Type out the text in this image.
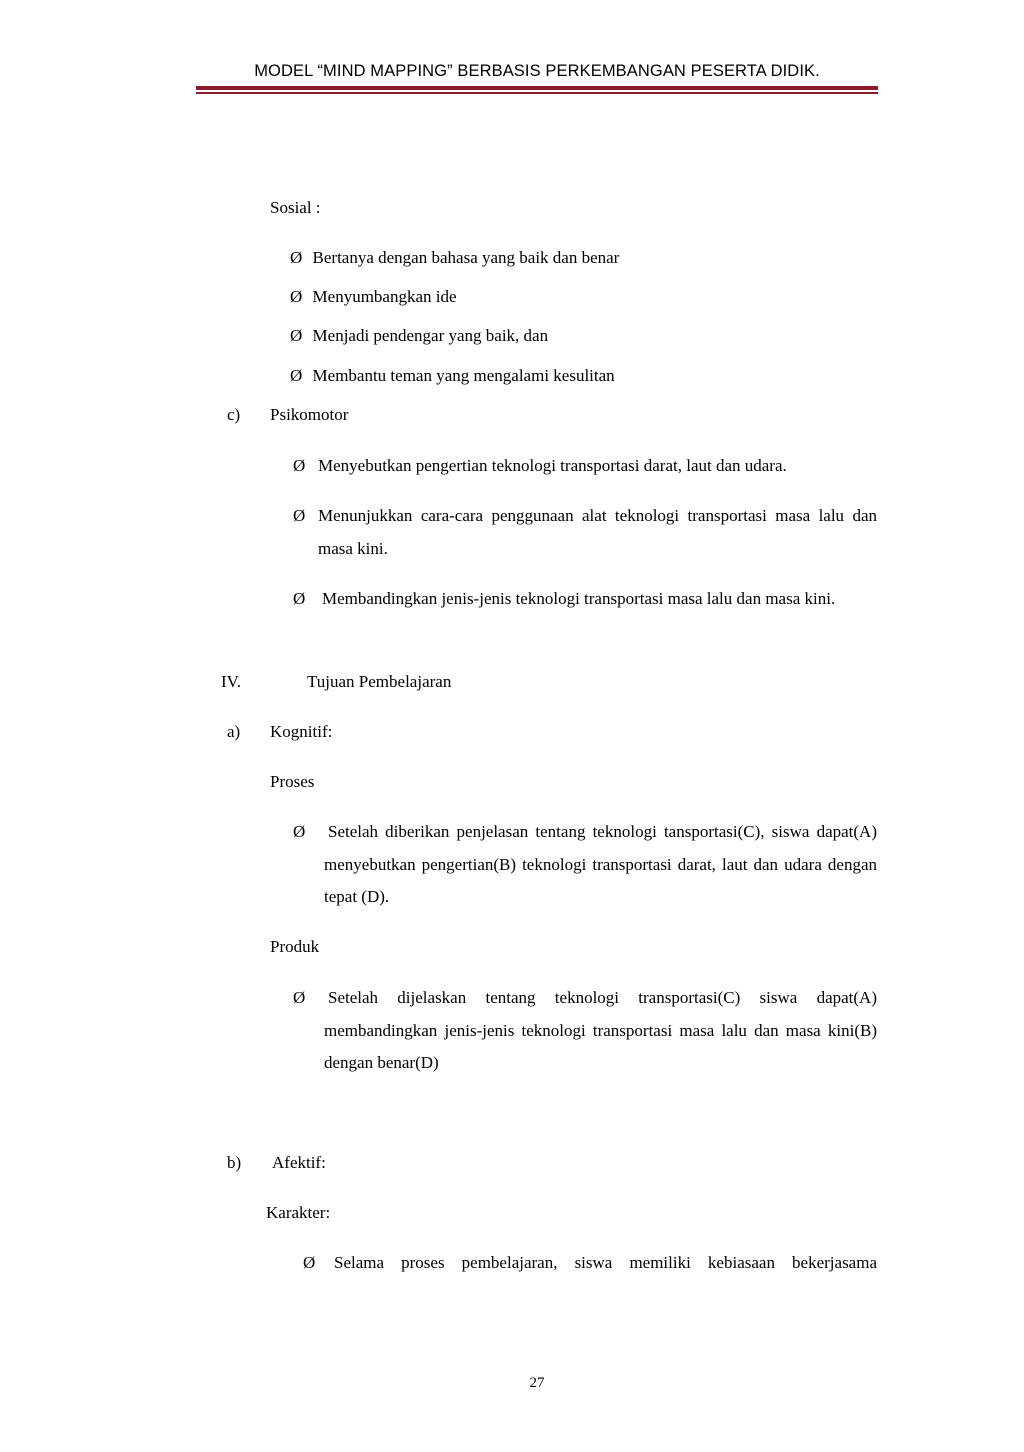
MODEL “MIND MAPPING” BERBASIS PERKEMBANGAN PESERTA DIDIK.
Sosial :
Ø Bertanya dengan bahasa yang baik dan benar
Ø Menyumbangkan ide
Ø Menjadi pendengar yang baik, dan
Ø Membantu teman yang mengalami kesulitan
c) Psikomotor
Ø Menyebutkan pengertian teknologi transportasi darat, laut dan udara.
Ø Menunjukkan cara-cara penggunaan alat teknologi transportasi masa lalu dan masa kini.
Ø Membandingkan jenis-jenis teknologi transportasi masa lalu dan masa kini.
IV.	Tujuan Pembelajaran
a) Kognitif:
Proses
Ø Setelah diberikan penjelasan tentang teknologi tansportasi(C), siswa dapat(A) menyebutkan pengertian(B) teknologi transportasi darat, laut dan udara dengan tepat (D).
Produk
Ø Setelah dijelaskan tentang teknologi transportasi(C) siswa dapat(A) membandingkan jenis-jenis teknologi transportasi masa lalu dan masa kini(B) dengan benar(D)
b) Afektif:
Karakter:
Ø Selama proses pembelajaran, siswa memiliki kebiasaan bekerjasama
27
